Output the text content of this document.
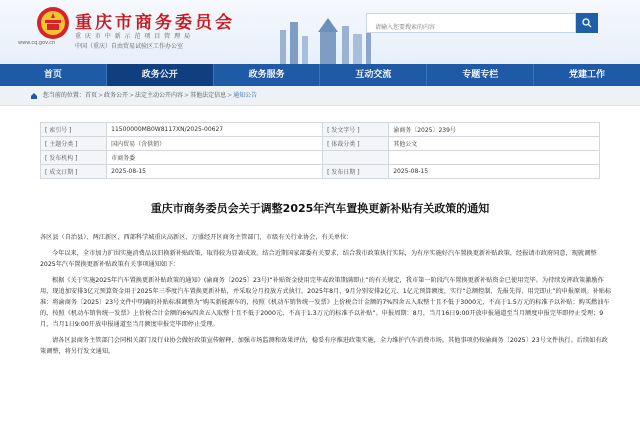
重庆市商务委员会
重 庆 市 中 新 示 范 项 目 管 理 局
中国（重庆）自由贸易试验区工作办公室
www.cq.gov.cn
请输入您要搜索的内容
首页	政务公开	政务服务	互动交流	专题专栏	党建工作
您当前的位置：首页>政务公开>法定主动公开内容>其他法定信息>通知公告
[ 索引号 ]	11500000MB0W8117XN/2025-00627	[ 发文字号 ]	渝商务〔2025〕239号
[ 主题分类 ]	国内贸易（含供销）	[ 体裁分类 ]	其他公文
[ 发布机构 ]	市商务委		
[ 成文日期 ]	2025-08-15	[ 发布日期 ]	2025-08-15
重庆市商务委员会关于调整2025年汽车置换更新补贴有关政策的通知

各区县（自治县）、两江新区、西部科学城重庆高新区、万盛经开区商务主管部门，市级有关行业协会，有关单位：

今年以来，全市加力扩围实施消费品以旧换新补贴政策，取得较为显著成效。结合近期国家部委有关要求，结合我市政策执行实际，为有序实施好汽车置换更新补贴政策，经报请市政府同意，现就调整2025年汽车置换更新补贴政策有关事项通知如下：

根据《关于实施2025年汽车置换更新补贴政策的通知》(渝商务〔2025〕23号)“补贴资金使用完毕或政策期满即止”的有关规定，我市第一阶段汽车置换更新补贴资金已使用完毕。为持续发挥政策激励作用，现追加安排3亿元预算资金用于2025年三季度汽车置换更新补贴，并采取分月投放方式执行。2025年8月、9月分别安排2亿元、1亿元预算额度，实行“总额控制、先报先得、用完即止”的申报原则。补贴标准：将渝商务〔2025〕23号文件中明确的补贴标准调整为“购买新能源车的，按照《机动车销售统一发票》上价税合计金额的7%四舍五入取整十且不低于3000元、不高于1.5万元的标准予以补贴；购买燃油车的，按照《机动车销售统一发票》上价税合计金额的6%四舍五入取整十且不低于2000元、不高于1.3万元的标准予以补贴”。申报周期：8月，当月16日9:00开放申报通道至当月额度申报完毕即停止受理；9月，当月1日9:00开放申报通道至当月额度申报完毕即停止受理。

请各区县商务主管部门会同相关部门及行业协会做好政策宣传解释，加强市场监测和效果评估，稳妥有序推进政策实施，全力维护汽车消费市场。其他事项仍按渝商务〔2025〕23号文件执行。后续如有政策调整，将另行发文通知。
